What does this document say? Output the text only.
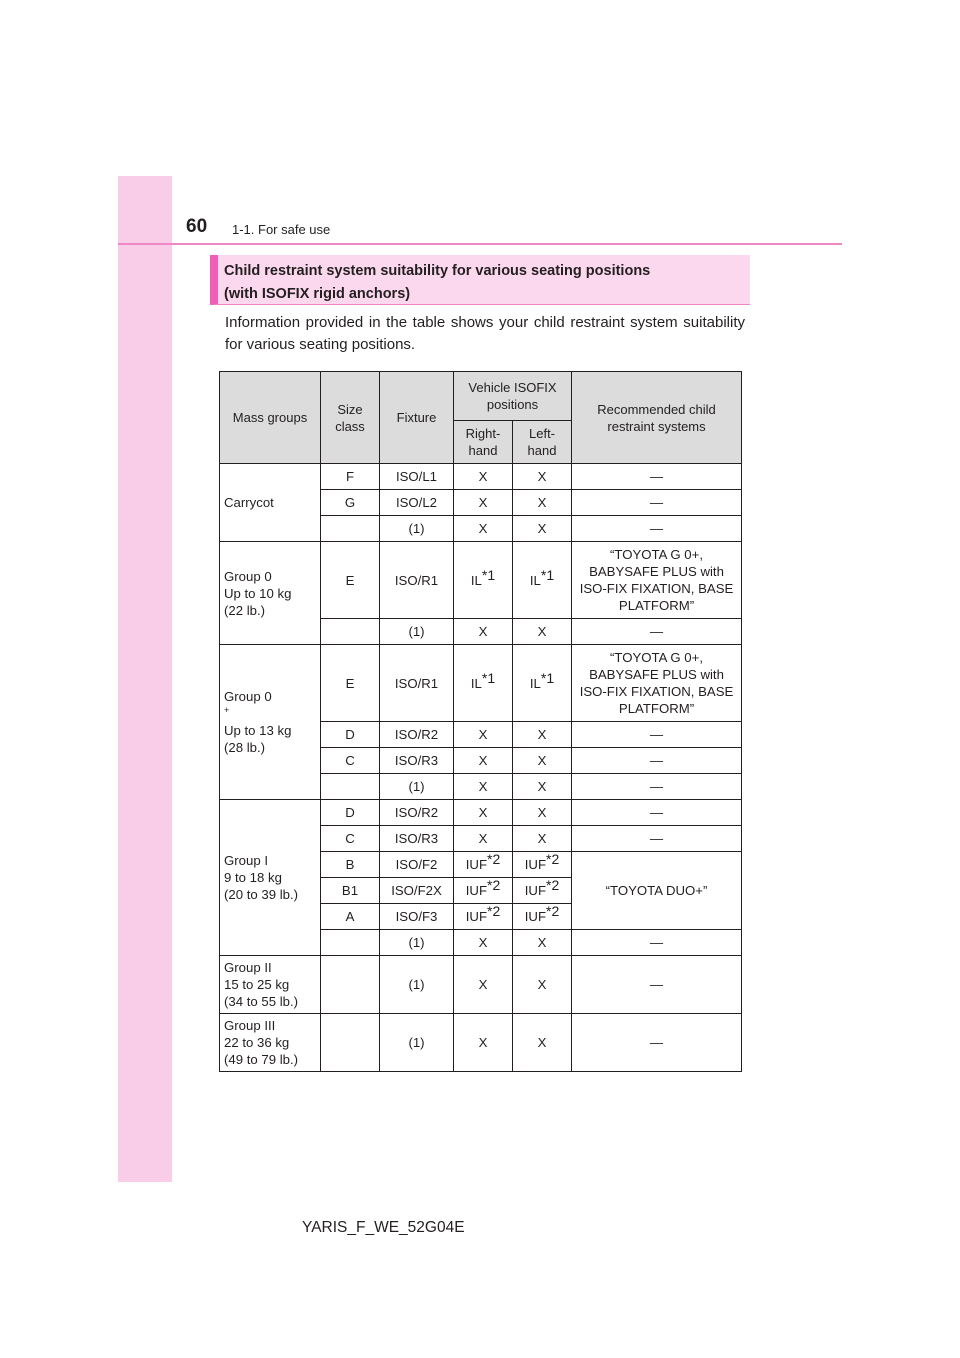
60 1-1. For safe use
Child restraint system suitability for various seating positions
(with ISOFIX rigid anchors)
Information provided in the table shows your child restraint system suitability for various seating positions.
Mass groups	Size class	Fixture	Vehicle ISOFIX positions		Recommended child restraint systems
			Right-hand	Left-hand	

Carrycot	F	ISO/L1	X	X	—
	G	ISO/L2	X	X	—
		(1)	X	X	—

Group 0
Up to 10 kg
(22 lb.)	E	ISO/R1	IL$^{*1}$	IL$^{*1}$	“TOYOTA G 0+, BABYSAFE PLUS with ISO-FIX FIXATION, BASE PLATFORM”
		(1)	X	X	—

Group 0
+
Up to 13 kg
(28 lb.)	E	ISO/R1	IL$^{*1}$	IL$^{*1}$	“TOYOTA G 0+, BABYSAFE PLUS with ISO-FIX FIXATION, BASE PLATFORM”
	D	ISO/R2	X	X	—
	C	ISO/R3	X	X	—
		(1)	X	X	—

Group I
9 to 18 kg
(20 to 39 lb.)	D	ISO/R2	X	X	—
	C	ISO/R3	X	X	—
	B	ISO/F2	IUF$^{*2}$	IUF$^{*2}$	“TOYOTA DUO+”
	B1	ISO/F2X	IUF$^{*2}$	IUF$^{*2}$
	A	ISO/F3	IUF$^{*2}$	IUF$^{*2}$
		(1)	X	X	—

Group II
15 to 25 kg
(34 to 55 lb.)		(1)	X	X	—

Group III
22 to 36 kg
(49 to 79 lb.)		(1)	X	X	—
YARIS_F_WE_52G04E
